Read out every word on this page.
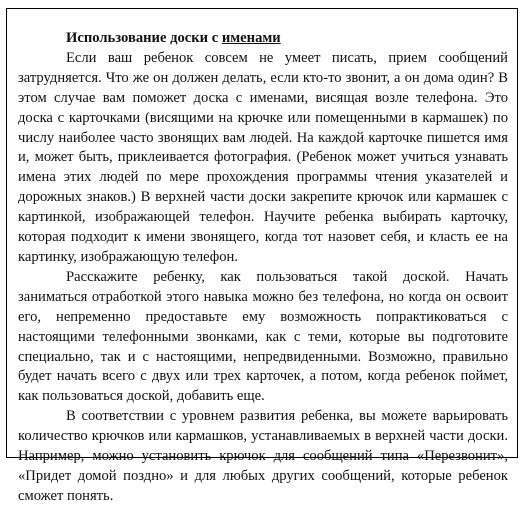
Использование доски с именами

Если ваш ребенок совсем не умеет писать, прием сообщений затрудняется. Что же он должен делать, если кто-то звонит, а он дома один? В этом случае вам поможет доска с именами, висящая возле телефона. Это доска с карточками (висящими на крючке или помещенными в кармашек) по числу наиболее часто звонящих вам людей. На каждой карточке пишется имя и, может быть, приклеивается фотография. (Ребенок может учиться узнавать имена этих людей по мере прохождения программы чтения указателей и дорожных знаков.) В верхней части доски закрепите крючок или кармашек с картинкой, изображающей телефон. Научите ребенка выбирать карточку, которая подходит к имени звонящего, когда тот назовет себя, и класть ее на картинку, изображающую телефон.

Расскажите ребенку, как пользоваться такой доской. Начать заниматься отработкой этого навыка можно без телефона, но когда он освоит его, непременно предоставьте ему возможность попрактиковаться с настоящими телефонными звонками, как с теми, которые вы подготовите специально, так и с настоящими, непредвиденными. Возможно, правильно будет начать всего с двух или трех карточек, а потом, когда ребенок поймет, как пользоваться доской, добавить еще.

В соответствии с уровнем развития ребенка, вы можете варьировать количество крючков или кармашков, устанавливаемых в верхней части доски. Например, можно установить крючок для сообщений типа «Перезвонит», «Придет домой поздно» и для любых других сообщений, которые ребенок сможет понять.
